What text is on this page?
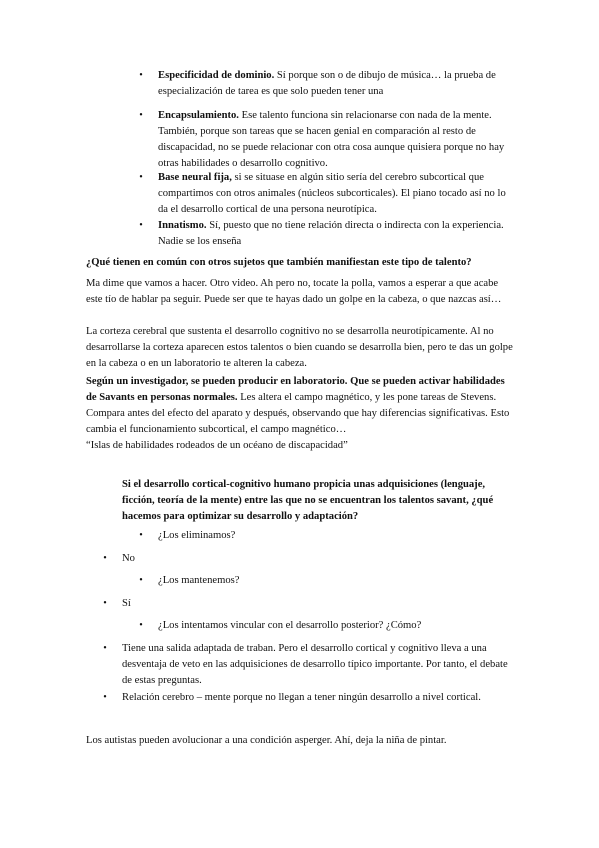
• Especificidad de dominio. Sí porque son o de dibujo de música… la prueba de especialización de tarea es que solo pueden tener una
• Encapsulamiento. Ese talento funciona sin relacionarse con nada de la mente. También, porque son tareas que se hacen genial en comparación al resto de discapacidad, no se puede relacionar con otra cosa aunque quisiera porque no hay otras habilidades o desarrollo cognitivo.
• Base neural fija, si se situase en algún sitio sería del cerebro subcortical que compartimos con otros animales (núcleos subcorticales). El piano tocado así no lo da el desarrollo cortical de una persona neurotípica.
• Innatismo. Sí, puesto que no tiene relación directa o indirecta con la experiencia. Nadie se los enseña
¿Qué tienen en común con otros sujetos que también manifiestan este tipo de talento?
Ma dime que vamos a hacer. Otro video. Ah pero no, tocate la polla, vamos a esperar a que acabe este tío de hablar pa seguir. Puede ser que te hayas dado un golpe en la cabeza, o que nazcas así…
La corteza cerebral que sustenta el desarrollo cognitivo no se desarrolla neurotípicamente. Al no desarrollarse la corteza aparecen estos talentos o bien cuando se desarrolla bien, pero te das un golpe en la cabeza o en un laboratorio te alteren la cabeza.
Según un investigador, se pueden producir en laboratorio. Que se pueden activar habilidades de Savants en personas normales. Les altera el campo magnético, y les pone tareas de Stevens. Compara antes del efecto del aparato y después, observando que hay diferencias significativas. Esto cambia el funcionamiento subcortical, el campo magnético…
“Islas de habilidades rodeados de un océano de discapacidad”
Si el desarrollo cortical-cognitivo humano propicia unas adquisiciones (lenguaje, ficción, teoría de la mente) entre las que no se encuentran los talentos savant, ¿qué hacemos para optimizar su desarrollo y adaptación?
• ¿Los eliminamos?
• No
• ¿Los mantenemos?
• Sí
• ¿Los intentamos vincular con el desarrollo posterior? ¿Cómo?
• Tiene una salida adaptada de traban. Pero el desarrollo cortical y cognitivo lleva a una desventaja de veto en las adquisiciones de desarrollo típico importante. Por tanto, el debate de estas preguntas.
• Relación cerebro – mente porque no llegan a tener ningún desarrollo a nivel cortical.
Los autistas pueden avolucionar a una condición asperger. Ahí, deja la niña de pintar.
